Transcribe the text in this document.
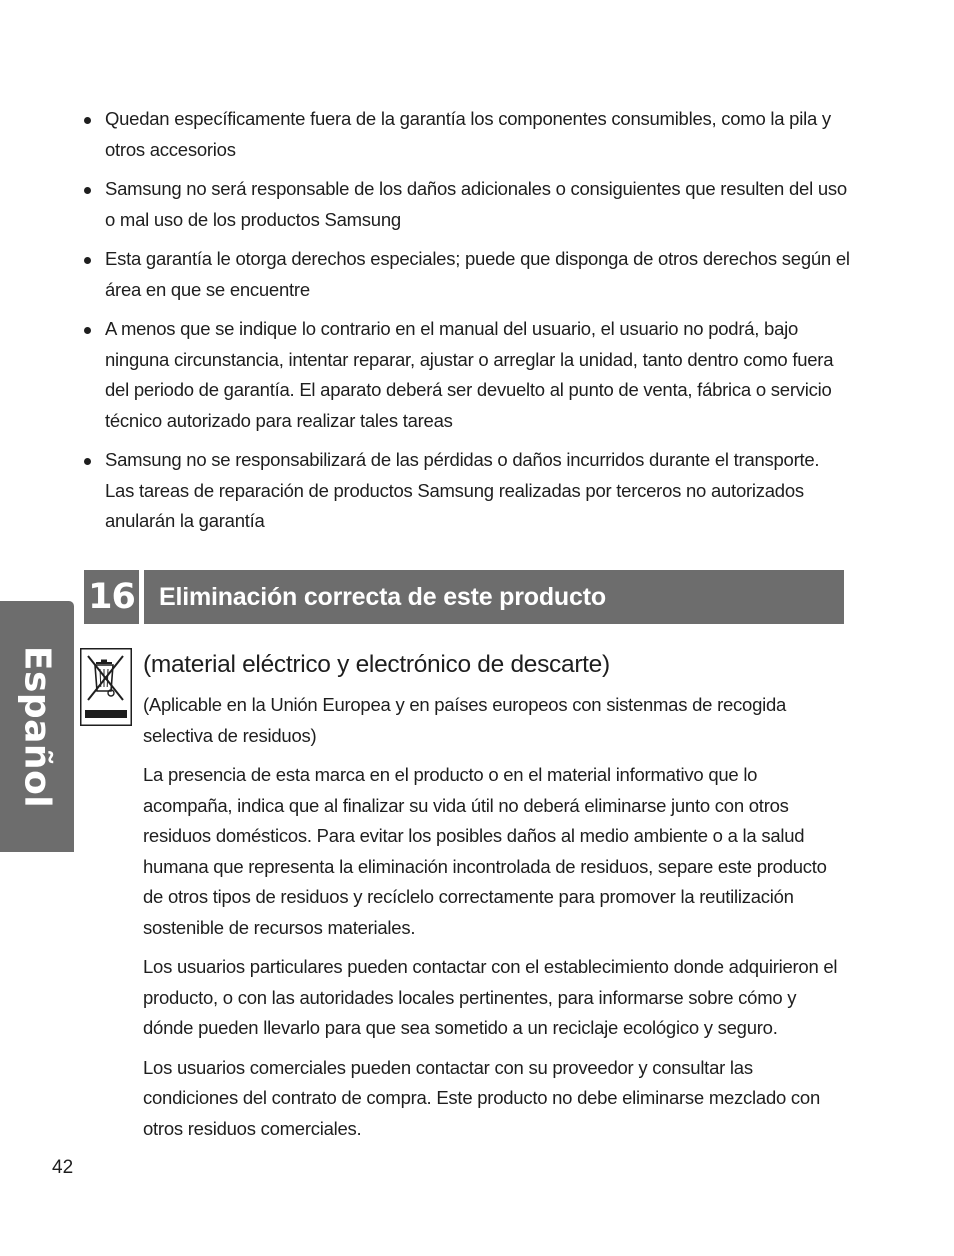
Quedan específicamente fuera de la garantía los componentes consumibles, como la pila y otros accesorios
Samsung no será responsable de los daños adicionales o consiguientes que resulten del uso o mal uso de los productos Samsung
Esta garantía le otorga derechos especiales; puede que disponga de otros derechos según el área en que se encuentre
A menos que se indique lo contrario en el manual del usuario, el usuario no podrá, bajo ninguna circunstancia, intentar reparar, ajustar o arreglar la unidad, tanto dentro como fuera del periodo de garantía. El aparato deberá ser devuelto al punto de venta, fábrica o servicio técnico autorizado para realizar tales tareas
Samsung no se responsabilizará de las pérdidas o daños incurridos durante el transporte. Las tareas de reparación de productos Samsung realizadas por terceros no autorizados anularán la garantía
Español
16 Eliminación correcta de este producto
(material eléctrico y electrónico de descarte)

(Aplicable en la Unión Europea y en países europeos con sistenmas de recogida selectiva de residuos)

La presencia de esta marca en el producto o en el material informativo que lo acompaña, indica que al finalizar su vida útil no deberá eliminarse junto con otros residuos domésticos. Para evitar los posibles daños al medio ambiente o a la salud humana que representa la eliminación incontrolada de residuos, separe este producto de otros tipos de residuos y recíclelo correctamente para promover la reutilización sostenible de recursos materiales.

Los usuarios particulares pueden contactar con el establecimiento donde adquirieron el producto, o con las autoridades locales pertinentes, para informarse sobre cómo y dónde pueden llevarlo para que sea sometido a un reciclaje ecológico y seguro.

Los usuarios comerciales pueden contactar con su proveedor y consultar las condiciones del contrato de compra. Este producto no debe eliminarse mezclado con otros residuos comerciales.

42
